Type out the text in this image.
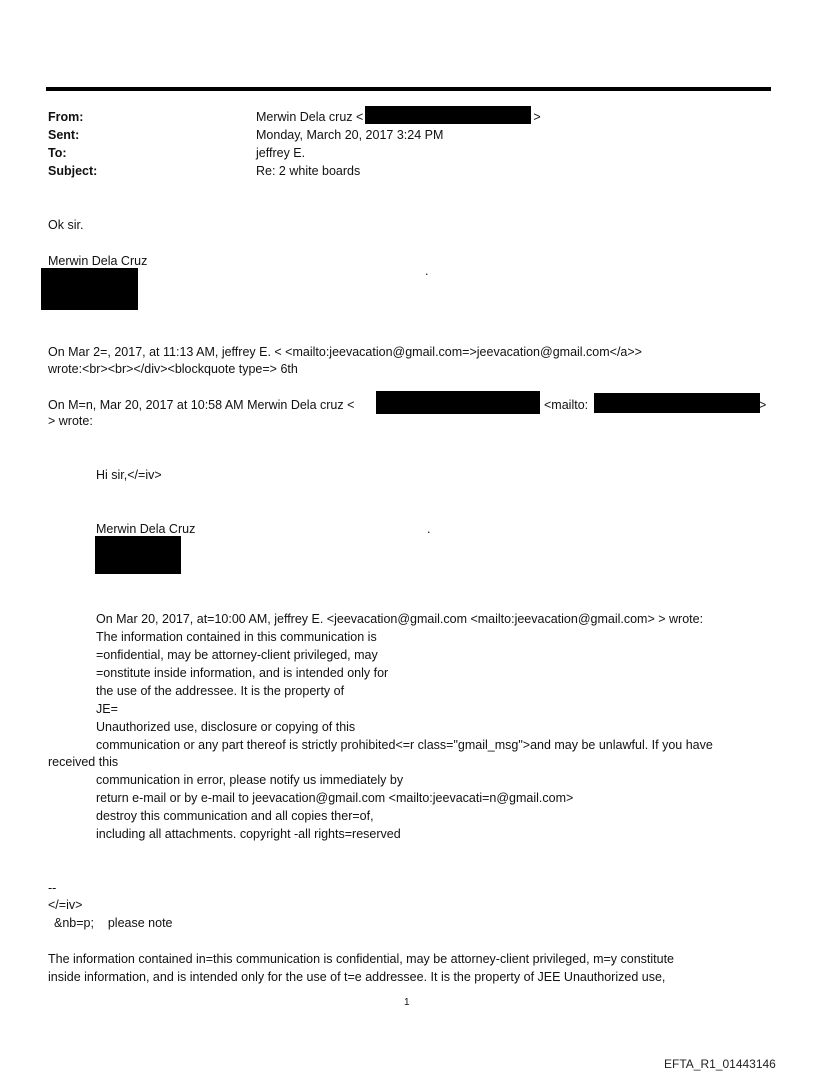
From:	Merwin Dela cruz <	>
Sent:	Monday, March 20, 2017 3:24 PM
To:	jeffrey E.
Subject:	Re: 2 white boards
Ok sir.
Merwin Dela Cruz
.
On Mar 2=, 2017, at 11:13 AM, jeffrey E. < <mailto:jeevacation@gmail.com=>jeevacation@gmail.com</a>>
wrote:<br><br></div><blockquote type=> 6th
On M=n, Mar 20, 2017 at 10:58 AM Merwin Dela cruz <	<mailto:	>
> wrote:
Hi sir,</=iv>
Merwin Dela Cruz	.
On Mar 20, 2017, at=10:00 AM, jeffrey E. <jeevacation@gmail.com <mailto:jeevacation@gmail.com> > wrote:
The information contained in this communication is
=onfidential, may be attorney-client privileged, may
=onstitute inside information, and is intended only for
the use of the addressee. It is the property of
JE=
Unauthorized use, disclosure or copying of this
communication or any part thereof is strictly prohibited<=r class="gmail_msg">and may be unlawful. If you have
received this
communication in error, please notify us immediately by
return e-mail or by e-mail to jeevacation@gmail.com <mailto:jeevacati=n@gmail.com>
destroy this communication and all copies ther=of,
including all attachments. copyright -all rights=reserved
--
</=iv>
&nb=p;    please note
The information contained in=this communication is confidential, may be attorney-client privileged, m=y constitute
inside information, and is intended only for the use of t=e addressee. It is the property of JEE Unauthorized use,
1
EFTA_R1_01443146
